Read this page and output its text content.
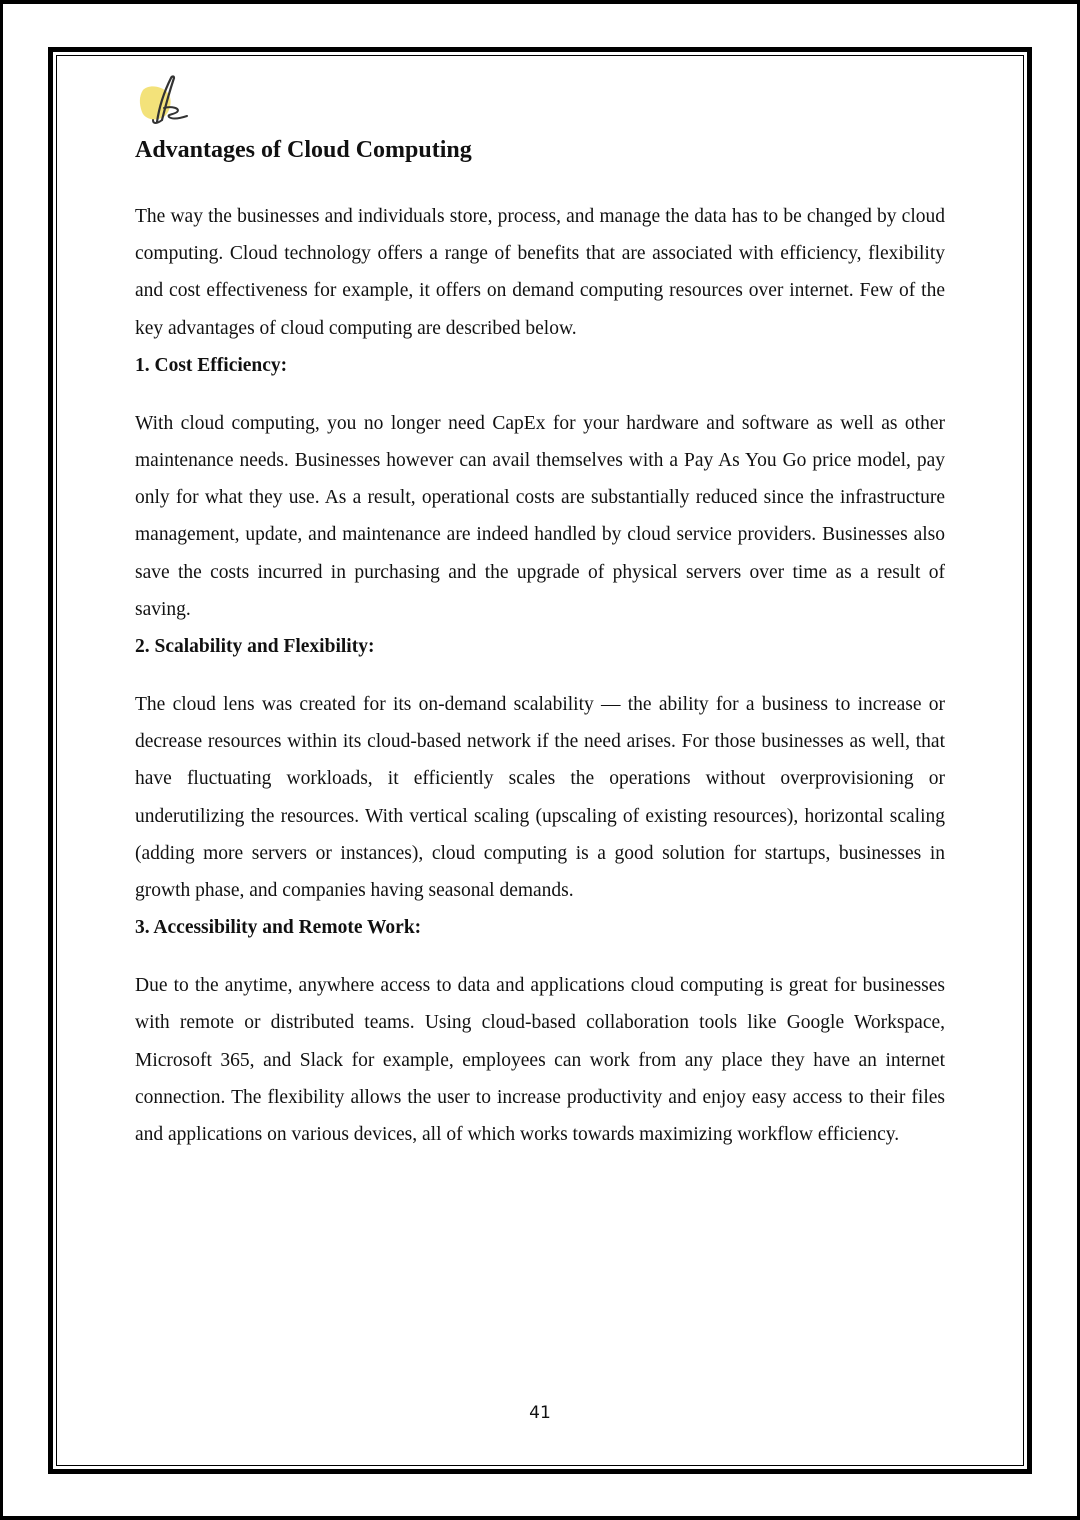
Advantages of Cloud Computing

The way the businesses and individuals store, process, and manage the data has to be changed by cloud computing. Cloud technology offers a range of benefits that are associated with efficiency, flexibility and cost effectiveness for example, it offers on demand computing resources over internet. Few of the key advantages of cloud computing are described below.

1. Cost Efficiency:

With cloud computing, you no longer need CapEx for your hardware and software as well as other maintenance needs. Businesses however can avail themselves with a Pay As You Go price model, pay only for what they use. As a result, operational costs are substantially reduced since the infrastructure management, update, and maintenance are indeed handled by cloud service providers. Businesses also save the costs incurred in purchasing and the upgrade of physical servers over time as a result of saving.

2. Scalability and Flexibility:

The cloud lens was created for its on-demand scalability — the ability for a business to increase or decrease resources within its cloud-based network if the need arises. For those businesses as well, that have fluctuating workloads, it efficiently scales the operations without overprovisioning or underutilizing the resources. With vertical scaling (upscaling of existing resources), horizontal scaling (adding more servers or instances), cloud computing is a good solution for startups, businesses in growth phase, and companies having seasonal demands.

3. Accessibility and Remote Work:

Due to the anytime, anywhere access to data and applications cloud computing is great for businesses with remote or distributed teams. Using cloud-based collaboration tools like Google Workspace, Microsoft 365, and Slack for example, employees can work from any place they have an internet connection. The flexibility allows the user to increase productivity and enjoy easy access to their files and applications on various devices, all of which works towards maximizing workflow efficiency.

41
